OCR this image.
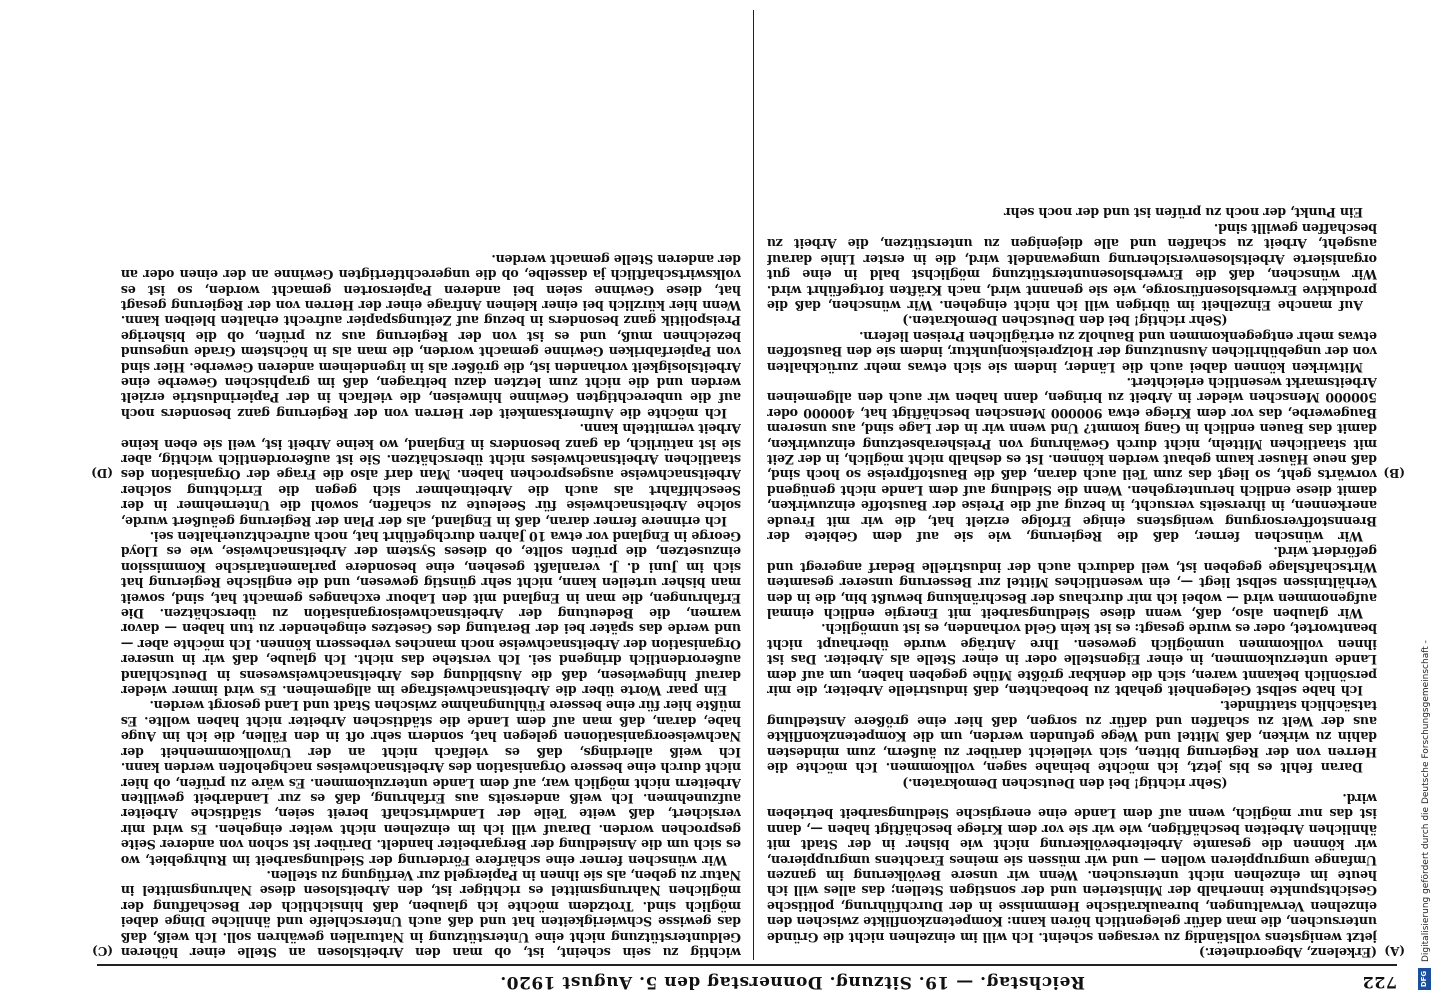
722
Reichstag. — 19. Sitzung. Donnerstag den 5. August 1920.
(A)
(B)
(C)
(D)

(Erkelenz, Abgeordneter.)

jetzt wenigstens vollständig zu versagen scheint. Ich will im einzelnen nicht die Gründe untersuchen, die man dafür gelegentlich hören kann: Kompetenzkonflikte zwischen den einzelnen Verwaltungen, bureaukratische Hemmnisse in der Durchführung, politische Gesichtspunkte innerhalb der Ministerien und der sonstigen Stellen; das alles will ich heute im einzelnen nicht untersuchen. Wenn wir unsere Bevölkerung im ganzen Umfange umgruppieren wollen — und wir müssen sie meines Erachtens umgruppieren, wir können die gesamte Arbeiterbevölkerung nicht wie bisher in der Stadt mit ähnlichen Arbeiten beschäftigen, wie wir sie vor dem Kriege beschäftigt haben —, dann ist das nur möglich, wenn auf dem Lande eine energische Siedlungsarbeit betrieben wird.

(Sehr richtig! bei den Deutschen Demokraten.)

Daran fehlt es bis jetzt, ich möchte beinahe sagen, vollkommen. Ich möchte die Herren von der Regierung bitten, sich vielleicht darüber zu äußern, zum mindesten dahin zu wirken, daß Mittel und Wege gefunden werden, um die Kompetenzkonflikte aus der Welt zu schaffen und dafür zu sorgen, daß hier eine größere Anstedlung tatsächlich stattfindet.

Ich habe selbst Gelegenheit gehabt zu beobachten, daß industrielle Arbeiter, die mir persönlich bekannt waren, sich die denkbar größte Mühe gegeben haben, um auf dem Lande unterzukommen, in einer Eigenstelle oder in einer Stelle als Arbeiter. Das ist ihnen vollkommen unmöglich gewesen. Ihre Anträge wurde überhaupt nicht beantwortet, oder es wurde gesagt: es ist kein Geld vorhanden, es ist unmöglich.

Wir glauben also, daß, wenn diese Siedlungsarbeit mit Energie endlich einmal aufgenommen wird — wobei ich mir durchaus der Beschränkung bewußt bin, die in den Verhältnissen selbst liegt —, ein wesentliches Mittel zur Besserung unserer gesamten Wirtschaftslage gegeben ist, weil dadurch auch der industrielle Bedarf angeregt und gefördert wird.

Wir wünschen ferner, daß die Regierung, wie sie auf dem Gebiete der Brennstoffversorgung wenigstens einige Erfolge erzielt hat, die wir mit Freude anerkennen, in ihrerseits versucht, in bezug auf die Preise der Baustoffe einzuwirken, damit diese endlich heruntergehen. Wenn die Siedlung auf dem Lande nicht genügend vorwärts geht, so liegt das zum Teil auch daran, daß die Baustoffpreise so hoch sind, daß neue Häuser kaum gebaut werden können. Ist es deshalb nicht möglich, in der Zeit mit staatlichen Mitteln, nicht durch Gewährung von Preisherabsetzung einzuwirken, damit das Bauen endlich in Gang kommt? Und wenn wir in der Lage sind, aus unserem Baugewerbe, das vor dem Kriege etwa 900000 Menschen beschäftigt hat, 400000 oder 500000 Menschen wieder in Arbeit zu bringen, dann haben wir auch den allgemeinen Arbeitsmarkt wesentlich erleichtert.

Mitwirken können dabei auch die Länder, indem sie sich etwas mehr zurückhalten von der ungebührlichen Ausnutzung der Holzpreiskonjunktur, indem sie den Baustoffen etwas mehr entgegenkommen und Bauholz zu erträglichen Preisen liefern.

(Sehr richtig! bei den Deutschen Demokraten.)

Auf manche Einzelheit im übrigen will ich nicht eingehen. Wir wünschen, daß die produktive Erwerbslosenfürsorge, wie sie genannt wird, nach Kräften fortgeführt wird. Wir wünschen, daß die Erwerbslosenunterstützung möglichst bald in eine gut organisierte Arbeitslosenversicherung umgewandelt wird, die in erster Linie darauf ausgeht, Arbeit zu schaffen und alle diejenigen zu unterstützen, die Arbeit zu beschaffen gewillt sind.

Ein Punkt, der noch zu prüfen ist und der noch sehr

wichtig zu sein scheint, ist, ob man den Arbeitslosen an Stelle einer höheren Geldunterstützung nicht eine Unterstützung in Naturalien gewähren soll. Ich weiß, daß das gewisse Schwierigkeiten hat und daß auch Unterschleife und ähnliche Dinge dabei möglich sind. Trotzdem möchte ich glauben, daß hinsichtlich der Beschaffung der möglichen Nahrungsmittel es richtiger ist, den Arbeitslosen diese Nahrungsmittel in Natur zu geben, als sie ihnen in Papiergeld zur Verfügung zu stellen.

Wir wünschen ferner eine schärfere Förderung der Siedlungsarbeit im Ruhrgebiet, wo es sich um die Ansiedlung der Bergarbeiter handelt. Darüber ist schon von anderer Seite gesprochen worden. Darauf will ich im einzelnen nicht weiter eingehen. Es wird mir versichert, daß weite Teile der Landwirtschaft bereit seien, städtische Arbeiter aufzunehmen. Ich weiß anderseits aus Erfahrung, daß es zur Landarbeit gewillten Arbeitern nicht möglich war, auf dem Lande unterzukommen. Es wäre zu prüfen, ob hier nicht durch eine bessere Organisation des Arbeitsnachweises nachgeholfen werden kann. Ich weiß allerdings, daß es vielfach nicht an der Unvollkommenheit der Nachweiseorganisationen gelegen hat, sondern sehr oft in den Fällen, die ich im Auge habe, daran, daß man auf dem Lande die städtischen Arbeiter nicht haben wollte. Es müßte hier für eine bessere Fühlungnahme zwischen Stadt und Land gesorgt werden.

Ein paar Worte über die Arbeitsnachweisfrage im allgemeinen. Es wird immer wieder darauf hingewiesen, daß die Ausbildung des Arbeitsnachweiswesens in Deutschland außerordentlich dringend sei. Ich verstehe das nicht. Ich glaube, daß wir in unserer Organisation der Arbeitsnachweise noch manches verbessern können. Ich möchte aber — und werde das später bei der Beratung des Gesetzes eingehender zu tun haben — davor warnen, die Bedeutung der Arbeitsnachweisorganisation zu überschätzen. Die Erfahrungen, die man in England mit den Labour exchanges gemacht hat, sind, soweit man bisher urteilen kann, nicht sehr günstig gewesen, und die englische Regierung hat sich im Juni d. J. veranlaßt gesehen, eine besondere parlamentarische Kommission einzusetzen, die prüfen sollte, ob dieses System der Arbeitsnachweise, wie es Lloyd George in England vor etwa 10 Jahren durchgeführt hat, noch aufrechtzuerhalten sei.

Ich erinnere ferner daran, daß in England, als der Plan der Regierung geäußert wurde, solche Arbeitsnachweise für Seeleute zu schaffen, sowohl die Unternehmer in der Seeschiffahrt als auch die Arbeitnehmer sich gegen die Errichtung solcher Arbeitsnachweise ausgesprochen haben. Man darf also die Frage der Organisation des staatlichen Arbeitsnachweises nicht überschätzen. Sie ist außerordentlich wichtig, aber sie ist natürlich, da ganz besonders in England, wo keine Arbeit ist, weil sie eben keine Arbeit vermitteln kann.

Ich möchte die Aufmerksamkeit der Herren von der Regierung ganz besonders noch auf die unberechtigten Gewinne hinweisen, die vielfach in der Papierindustrie erzielt werden und die nicht zum letzten dazu beitragen, daß im graphischen Gewerbe eine Arbeitslosigkeit vorhanden ist, die größer als in irgendeinem anderen Gewerbe. Hier sind von Papierfabriken Gewinne gemacht worden, die man als in höchstem Grade ungesund bezeichnen muß, und es ist von der Regierung aus zu prüfen, ob die bisherige Preispolitik ganz besonders in bezug auf Zeitungspapier aufrecht erhalten bleiben kann. Wenn hier kürzlich bei einer kleinen Anfrage einer der Herren von der Regierung gesagt hat, diese Gewinne seien bei anderen Papiersorten gemacht worden, so ist es volkswirtschaftlich ja dasselbe, ob die ungerechtfertigten Gewinne an der einen oder an der anderen Stelle gemacht werden.

Digitalisierung gefördert durch die Deutsche Forschungsgemeinschaft -
DFG
